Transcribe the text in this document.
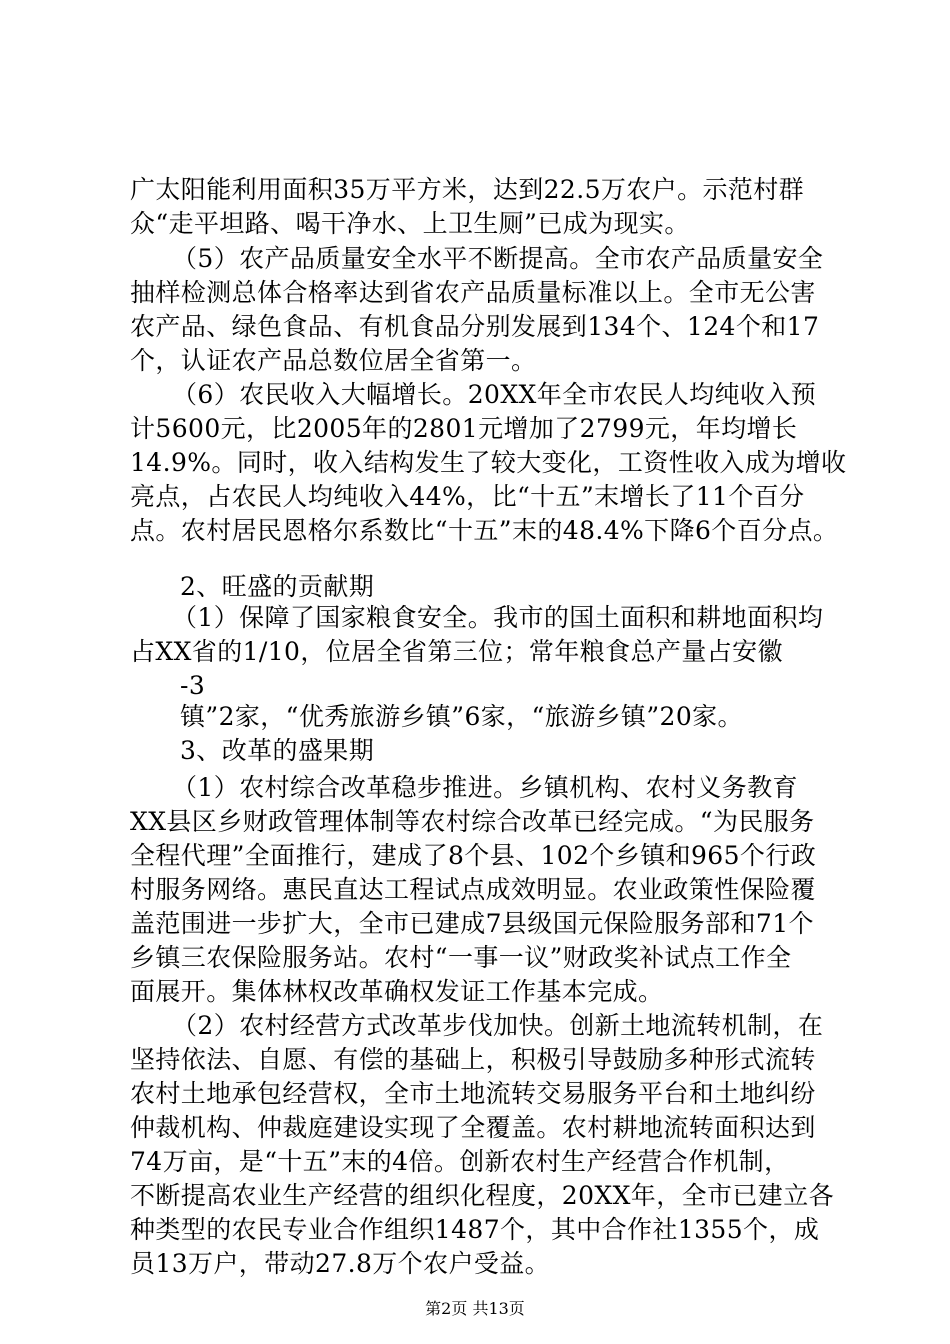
广太阳能利用面积35万平方米，达到22.5万农户。示范村群
众“走平坦路、喝干净水、上卫生厕”已成为现实。
（5）农产品质量安全水平不断提高。全市农产品质量安全
抽样检测总体合格率达到省农产品质量标准以上。全市无公害
农产品、绿色食品、有机食品分别发展到134个、124个和17
个，认证农产品总数位居全省第一。
（6）农民收入大幅增长。20XX年全市农民人均纯收入预
计5600元，比2005年的2801元增加了2799元，年均增长
14.9%。同时，收入结构发生了较大变化，工资性收入成为增收
亮点，占农民人均纯收入44%，比“十五”末增长了11个百分
点。农村居民恩格尔系数比“十五”末的48.4%下降6个百分点。
2、旺盛的贡献期
（1）保障了国家粮食安全。我市的国土面积和耕地面积均
占XX省的1/10，位居全省第三位；常年粮食总产量占安徽
-3
镇”2家，“优秀旅游乡镇”6家，“旅游乡镇”20家。
3、改革的盛果期
（1）农村综合改革稳步推进。乡镇机构、农村义务教育
XX县区乡财政管理体制等农村综合改革已经完成。“为民服务
全程代理”全面推行，建成了8个县、102个乡镇和965个行政
村服务网络。惠民直达工程试点成效明显。农业政策性保险覆
盖范围进一步扩大，全市已建成7县级国元保险服务部和71个
乡镇三农保险服务站。农村“一事一议”财政奖补试点工作全
面展开。集体林权改革确权发证工作基本完成。
（2）农村经营方式改革步伐加快。创新土地流转机制，在
坚持依法、自愿、有偿的基础上，积极引导鼓励多种形式流转
农村土地承包经营权，全市土地流转交易服务平台和土地纠纷
仲裁机构、仲裁庭建设实现了全覆盖。农村耕地流转面积达到
74万亩，是“十五”末的4倍。创新农村生产经营合作机制，
不断提高农业生产经营的组织化程度，20XX年，全市已建立各
种类型的农民专业合作组织1487个，其中合作社1355个，成
员13万户，带动27.8万个农户受益。
第2页 共13页
